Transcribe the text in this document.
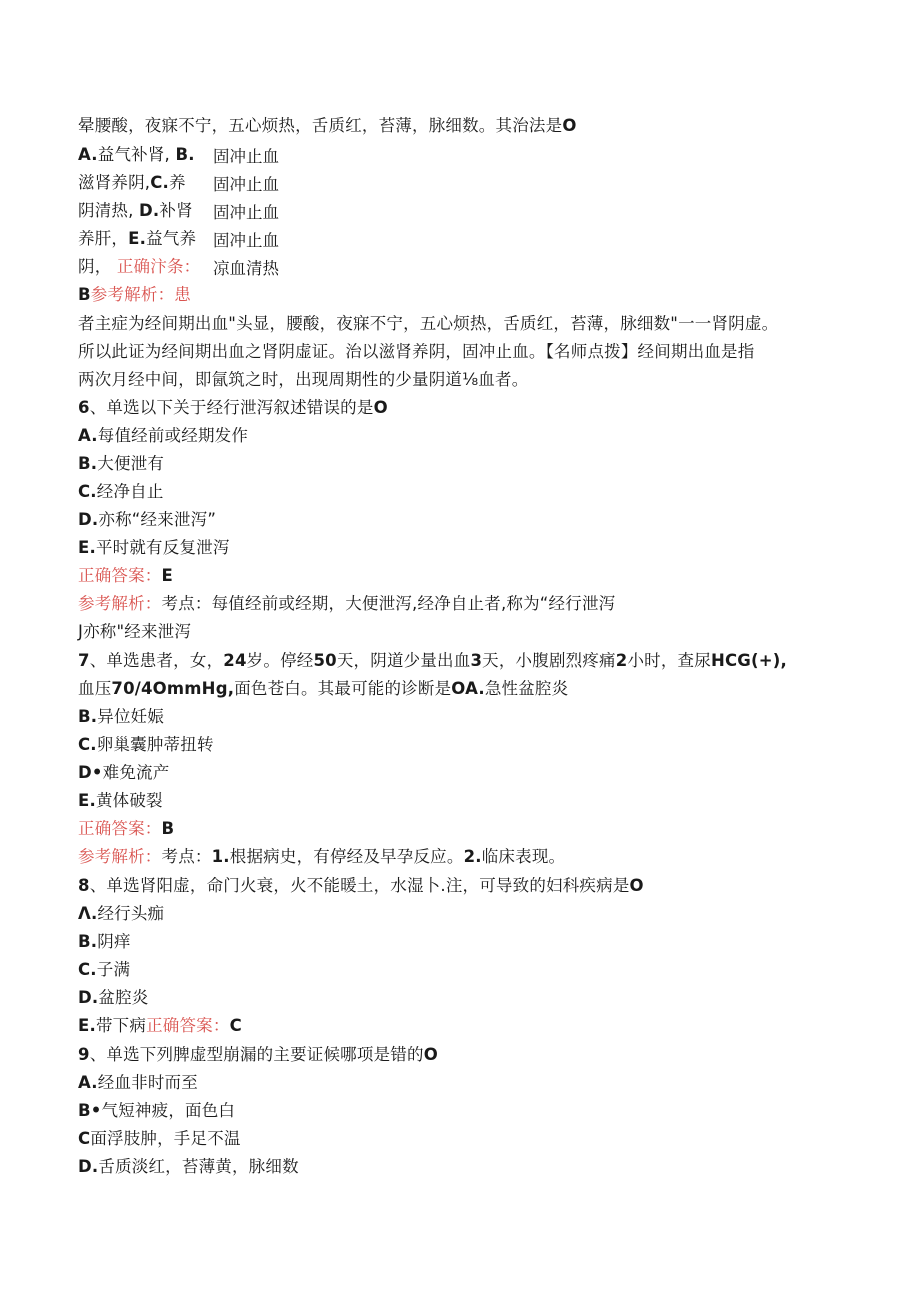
晕腰酸，夜寐不宁，五心烦热，舌质红，苔薄，脉细数。其治法是O
A.益气补肾, B. 固冲止血
滋肾养阴,C.养 固冲止血
阴清热, D.补肾 固冲止血
养肝，E.益气养 固冲止血
阴， 正确汴条： 凉血清热
B参考解析：患
者主症为经间期出血"头显，腰酸，夜寐不宁，五心烦热，舌质红，苔薄，脉细数"一一肾阴虚。
所以此证为经间期出血之肾阴虚证。治以滋肾养阴，固冲止血。【名师点拨】经间期出血是指
两次月经中间，即氤筑之时，出现周期性的少量阴道⅛血者。
6、单选以下关于经行泄泻叙述错误的是O
A.每值经前或经期发作
B.大便泄有
C.经净自止
D.亦称“经来泄泻”
E.平时就有反复泄泻
正确答案：E
参考解析：考点：每值经前或经期，大便泄泻,经净自止者,称为“经行泄泻
J亦称"经来泄泻
7、单选患者，女，24岁。停经50天，阴道少量出血3天，小腹剧烈疼痛2小时，查尿HCG(+),
血压70/4OmmHg,面色苍白。其最可能的诊断是OA.急性盆腔炎
B.异位妊娠
C.卵巢囊肿蒂扭转
D•难免流产
E.黄体破裂
正确答案：B
参考解析：考点：1.根据病史，有停经及早孕反应。2.临床表现。
8、单选肾阳虚，命门火衰，火不能暖土，水湿卜.注，可导致的妇科疾病是O
Λ.经行头痂
B.阴痒
C.子满
D.盆腔炎
E.带下病正确答案：C
9、单选下列脾虚型崩漏的主要证候哪项是错的O
A.经血非时而至
B•气短神疲，面色白
C面浮肢肿，手足不温
D.舌质淡红，苔薄黄，脉细数
